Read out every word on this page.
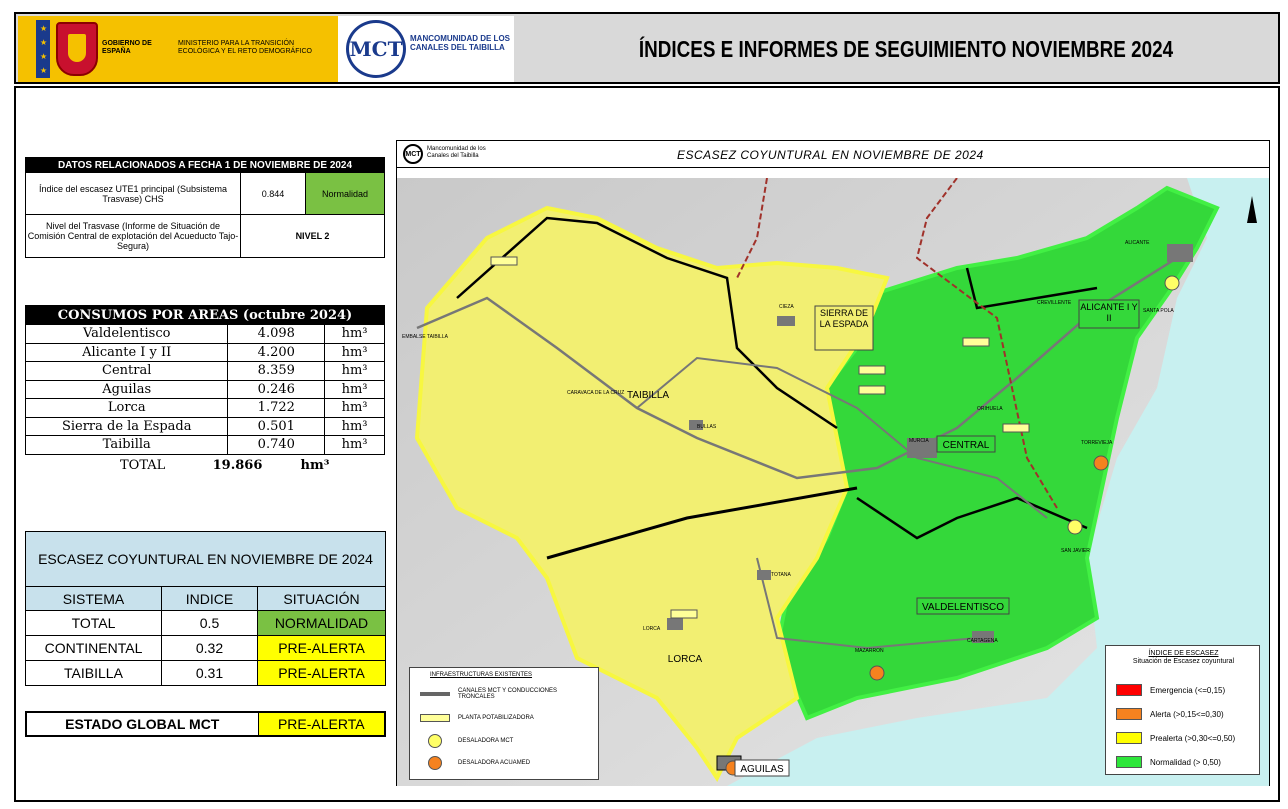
★
★
★
★
GOBIERNO DE ESPAÑA
MINISTERIO PARA LA TRANSICIÓN ECOLÓGICA Y EL RETO DEMOGRÁFICO	MCT MANCOMUNIDAD DE LOS CANALES DEL TAIBILLA	ÍNDICES E INFORMES DE SEGUIMIENTO NOVIEMBRE 2024
DATOS RELACIONADOS A FECHA 1 DE NOVIEMBRE DE 2024		
Índice del escasez UTE1 principal (Subsistema Trasvase) CHS	0.844	Normalidad
Nivel del Trasvase (Informe de Situación de Comisión Central de explotación del Acueducto Tajo-Segura)	NIVEL 2	
CONSUMOS POR AREAS (octubre 2024)		
Valdelentisco	4.098	hm³
Alicante I y II	4.200	hm³
Central	8.359	hm³
Aguilas	0.246	hm³
Lorca	1.722	hm³
Sierra de la Espada	0.501	hm³
Taibilla	0.740	hm³
TOTAL	19.866	hm³
ESCASEZ COYUNTURAL EN NOVIEMBRE DE 2024		
SISTEMA	INDICE	SITUACIÓN
TOTAL	0.5	NORMALIDAD
CONTINENTAL	0.32	PRE-ALERTA
TAIBILLA	0.31	PRE-ALERTA
ESTADO GLOBAL MCT	PRE-ALERTA
MCT
Mancomunidad de los Canales del Taibilla	ESCASEZ COYUNTURAL EN NOVIEMBRE DE 2024
TAIBILLA
SIERRA DE LA ESPADA
ALICANTE I Y II
CENTRAL
VALDELENTISCO
LORCA
AGUILAS
EMBALSE TAIBILLA
CARAVACA DE LA CRUZ
BULLAS
CIEZA
MURCIA
ORIHUELA
CREVILLENTE
ALICANTE
SANTA POLA
TORREVIEJA
SAN JAVIER
TOTANA
LORCA
MAZARRON
CARTAGENA
INFRAESTRUCTURAS EXISTENTES
CANALES MCT Y CONDUCCIONES TRONCALES
PLANTA POTABILIZADORA
DESALADORA MCT
DESALADORA ACUAMED
ÍNDICE DE ESCASEZ
Situación de Escasez coyuntural
Emergencia (<=0,15)
Alerta (>0,15<=0,30)
Prealerta (>0,30<=0,50)
Normalidad (> 0,50)
